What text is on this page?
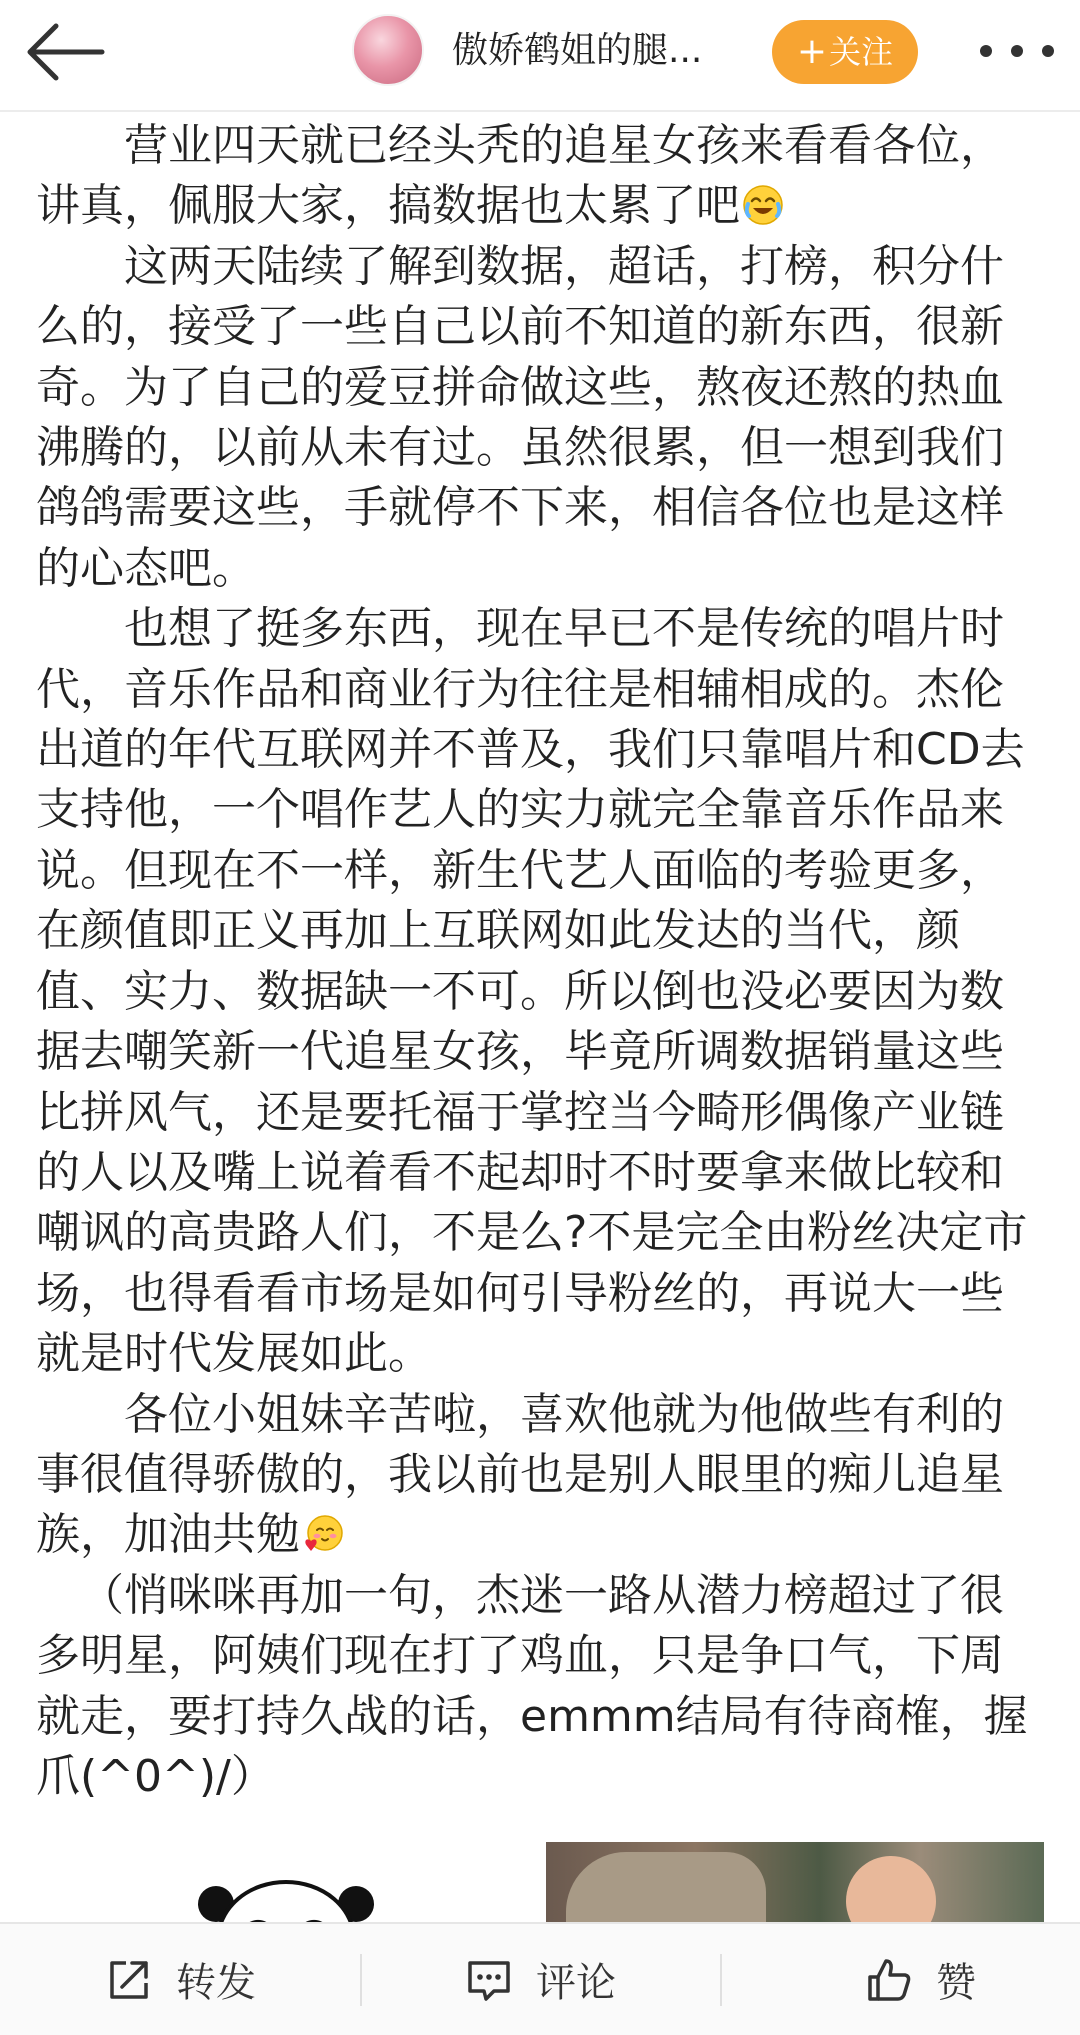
傲娇鹤姐的腿...	+关注

营业四天就已经头秃的追星女孩来看看各位，讲真，佩服大家，搞数据也太累了吧

这两天陆续了解到数据，超话，打榜，积分什么的，接受了一些自己以前不知道的新东西，很新奇。为了自己的爱豆拼命做这些，熬夜还熬的热血沸腾的，以前从未有过。虽然很累，但一想到我们鸽鸽需要这些，手就停不下来，相信各位也是这样的心态吧。

也想了挺多东西，现在早已不是传统的唱片时代，音乐作品和商业行为往往是相辅相成的。杰伦出道的年代互联网并不普及，我们只靠唱片和CD去支持他，一个唱作艺人的实力就完全靠音乐作品来说。但现在不一样，新生代艺人面临的考验更多，在颜值即正义再加上互联网如此发达的当代，颜值、实力、数据缺一不可。所以倒也没必要因为数据去嘲笑新一代追星女孩，毕竟所调数据销量这些比拼风气，还是要托福于掌控当今畸形偶像产业链的人以及嘴上说着看不起却时不时要拿来做比较和嘲讽的高贵路人们，不是么?不是完全由粉丝决定市场，也得看看市场是如何引导粉丝的，再说大一些就是时代发展如此。

各位小姐妹辛苦啦，喜欢他就为他做些有利的事很值得骄傲的，我以前也是别人眼里的痴儿追星族，加油共勉

（悄咪咪再加一句，杰迷一路从潜力榜超过了很多明星，阿姨们现在打了鸡血，只是争口气，下周就走，要打持久战的话，emmm结局有待商榷，握爪(^0^)/）

转发	评论	赞
